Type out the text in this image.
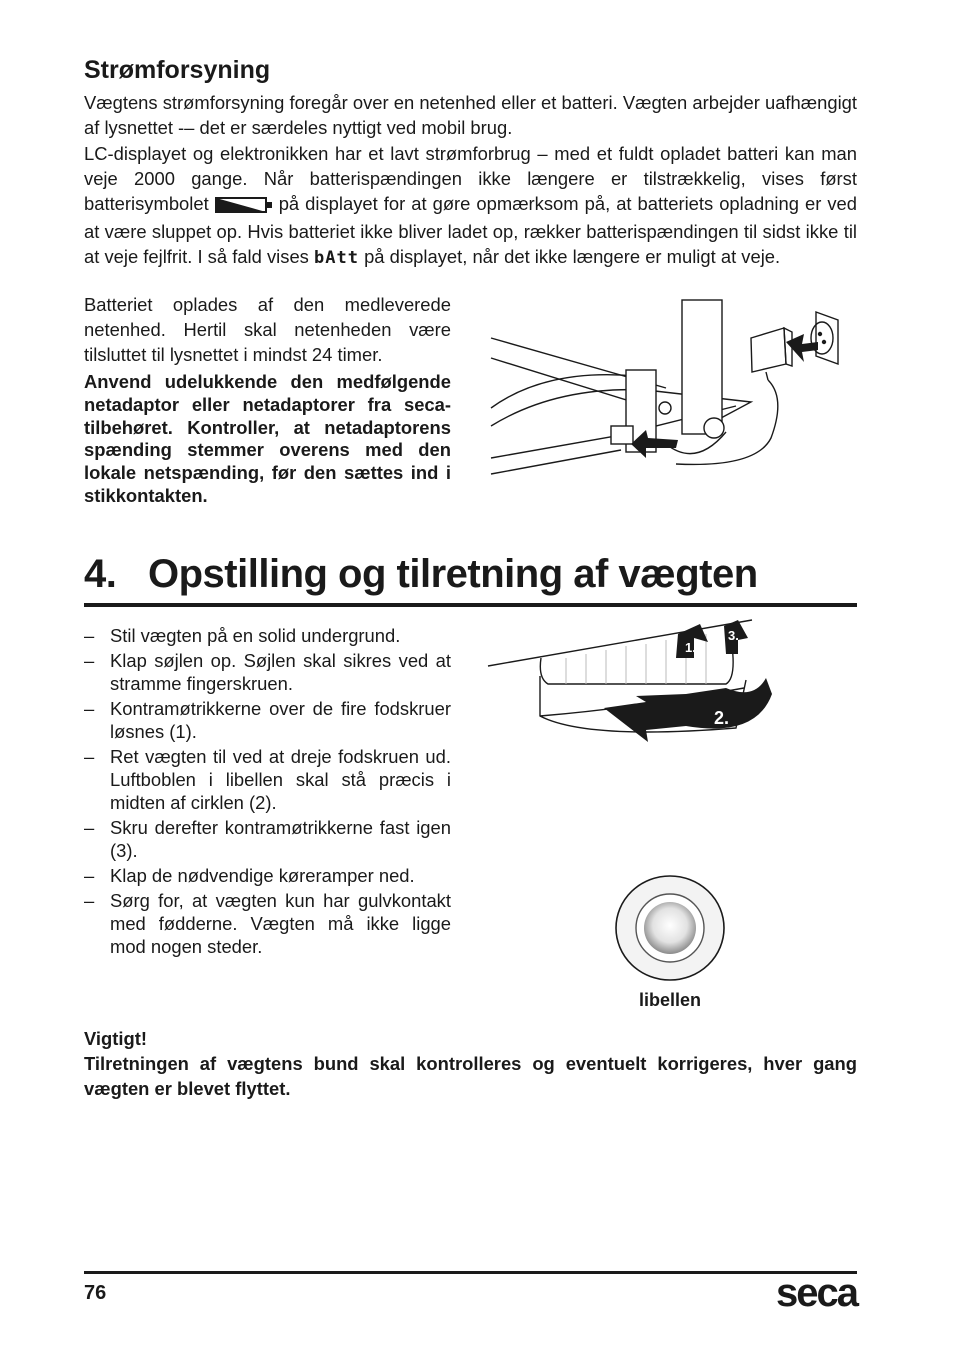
Strømforsyning

Vægtens strømforsyning foregår over en netenhed eller et batteri. Vægten arbejder uafhængigt af lysnettet -– det er særdeles nyttigt ved mobil brug.

LC-displayet og elektronikken har et lavt strømforbrug – med et fuldt opladet batteri kan man veje 2000 gange. Når batterispændingen ikke længere er tilstrækkelig, vises først batterisymbolet	på displayet for at gøre opmærksom på, at batteriets opladning er ved at være sluppet op. Hvis batteriet ikke bliver ladet op, rækker batterispændingen til sidst ikke til at veje fejlfrit. I så fald vises bAtt på displayet, når det ikke længere er muligt at veje.

Batteriet oplades af den medleverede netenhed. Hertil skal netenheden være tilsluttet til lysnettet i mindst 24 timer.

Anvend udelukkende den medfølgende netadaptor eller netadaptorer fra seca-tilbehøret. Kontroller, at netadaptorens spænding stemmer overens med den lokale netspænding, før den sættes ind i stikkontakten.

4. Opstilling og tilretning af vægten
– Stil vægten på en solid undergrund.
– Klap søjlen op. Søjlen skal sikres ved at stramme fingerskruen.
– Kontramøtrikkerne over de fire fodskruer løsnes (1).
– Ret vægten til ved at dreje fodskruen ud. Luftboblen i libellen skal stå præcis i midten af cirklen (2).
– Skru derefter kontramøtrikkerne fast igen (3).
– Klap de nødvendige køreramper ned.
– Sørg for, at vægten kun har gulvkontakt med fødderne. Vægten må ikke ligge mod nogen steder.
1.
3.
2.
libellen
Vigtigt!
Tilretningen af vægtens bund skal kontrolleres og eventuelt korrigeres, hver gang vægten er blevet flyttet.
76	seca
